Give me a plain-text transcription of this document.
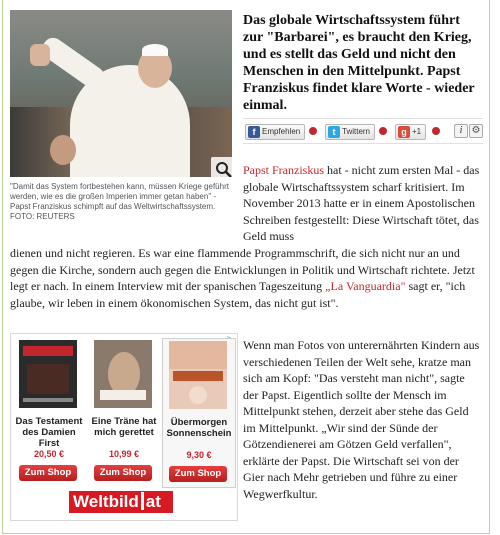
"Damit das System fortbestehen kann, müssen Kriege geführt werden, wie es die großen Imperien immer getan haben" - Papst Franziskus schimpft auf das Weltwirtschaftssystem.
FOTO: REUTERS
Das globale Wirtschaftssystem führt zur "Barbarei", es braucht den Krieg, und es stellt das Geld und nicht den Menschen in den Mittelpunkt. Papst Franziskus findet klare Worte - wieder einmal.
f Empfehlen	t Twittern	g +1	i ⚙
Papst Franziskus hat - nicht zum ersten Mal - das globale Wirtschaftssystem scharf kritisiert. Im November 2013 hatte er in einem Apostolischen Schreiben festgestellt: Diese Wirtschaft tötet, das Geld muss
dienen und nicht regieren. Es war eine flammende Programmschrift, die sich nicht nur an und gegen die Kirche, sondern auch gegen die Entwicklungen in Politik und Wirtschaft richtete. Jetzt legt er nach. In einem Interview mit der spanischen Tageszeitung „La Vanguardia" sagt er, "ich glaube, wir leben in einem ökonomischen System, das nicht gut ist".
Das Testament des Damien First
20,50 €
Zum Shop
Eine Träne hat mich gerettet
10,99 €
Zum Shop
Übermorgen Sonnenschein
9,30 €
Zum Shop
Weltbild at
Wenn man Fotos von unterernährten Kindern aus verschiedenen Teilen der Welt sehe, kratze man sich am Kopf: "Das versteht man nicht", sagte der Papst. Eigentlich sollte der Mensch im Mittelpunkt stehen, derzeit aber stehe das Geld im Mittelpunkt. „Wir sind der Sünde der Götzendienerei am Götzen Geld verfallen", erklärte der Papst. Die Wirtschaft sei von der Gier nach Mehr getrieben und führe zu einer Wegwerfkultur.
